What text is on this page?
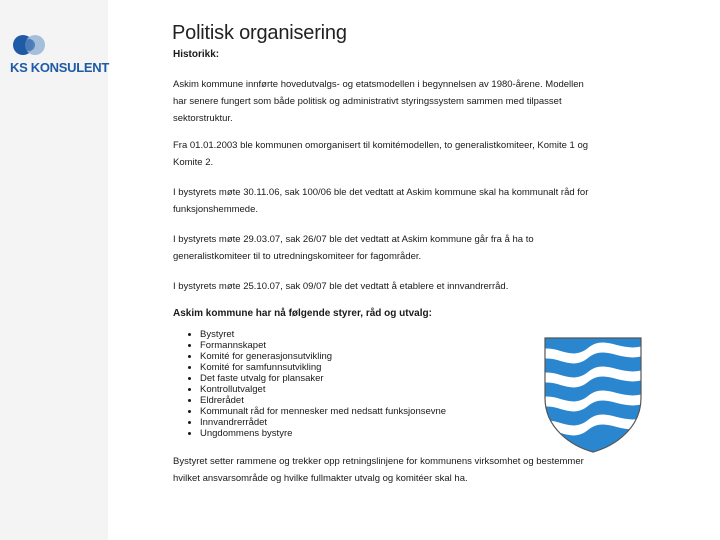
KS KONSULENT
Politisk organisering
Historikk:

Askim kommune innførte hovedutvalgs- og etatsmodellen i begynnelsen av 1980-årene. Modellen har senere fungert som både politisk og administrativt styringssystem sammen med tilpasset sektorstruktur.

Fra 01.01.2003 ble kommunen omorganisert til komitémodellen, to generalistkomiteer, Komite 1 og Komite 2.

I bystyrets møte 30.11.06, sak 100/06 ble det vedtatt at Askim kommune skal ha kommunalt råd for funksjonshemmede.

I bystyrets møte 29.03.07, sak 26/07 ble det vedtatt at Askim kommune går fra å ha to generalistkomiteer til to utredningskomiteer for fagområder.

I bystyrets møte 25.10.07, sak 09/07 ble det vedtatt å etablere et innvandrerråd.

Askim kommune har nå følgende styrer, råd og utvalg:
• Bystyret
• Formannskapet
• Komité for generasjonsutvikling
• Komité for samfunnsutvikling
• Det faste utvalg for plansaker
• Kontrollutvalget
• Eldrerådet
• Kommunalt råd for mennesker med nedsatt funksjonsevne
• Innvandrerrådet
• Ungdommens bystyre

Bystyret setter rammene og trekker opp retningslinjene for kommunens virksomhet og bestemmer hvilket ansvarsområde og hvilke fullmakter utvalg og komitéer skal ha.
